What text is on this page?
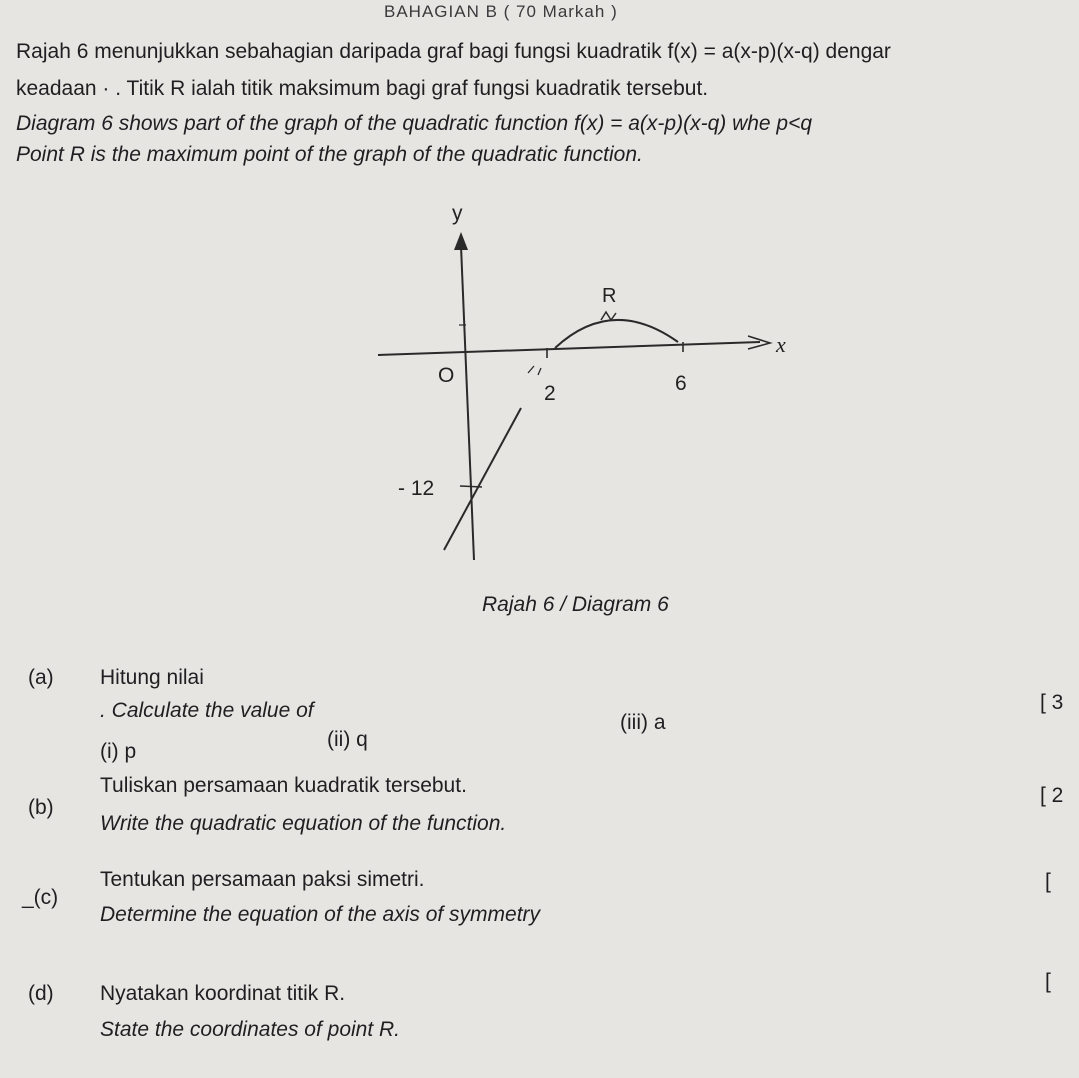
BAHAGIAN B ( 70 Markah )
Rajah 6 menunjukkan sebahagian daripada graf bagi fungsi kuadratik f(x) = a(x-p)(x-q) dengar
keadaan · . Titik R ialah titik maksimum bagi graf fungsi kuadratik tersebut.
Diagram 6 shows part of the graph of the quadratic function f(x) = a(x-p)(x-q) whe p<q
Point R is the maximum point of the graph of the quadratic function.
y
x
R
O
2	6
- 12
Rajah 6 / Diagram 6
(a) Hitung nilai
. Calculate the value of	[ 3
(i) p
(ii) q
(iii) a
(b)
Tuliskan persamaan kuadratik tersebut.
Write the quadratic equation of the function.
[ 2
_(c)
Tentukan persamaan paksi simetri.
Determine the equation of the axis of symmetry
[
(d) Nyatakan koordinat titik R.
State the coordinates of point R.
[
